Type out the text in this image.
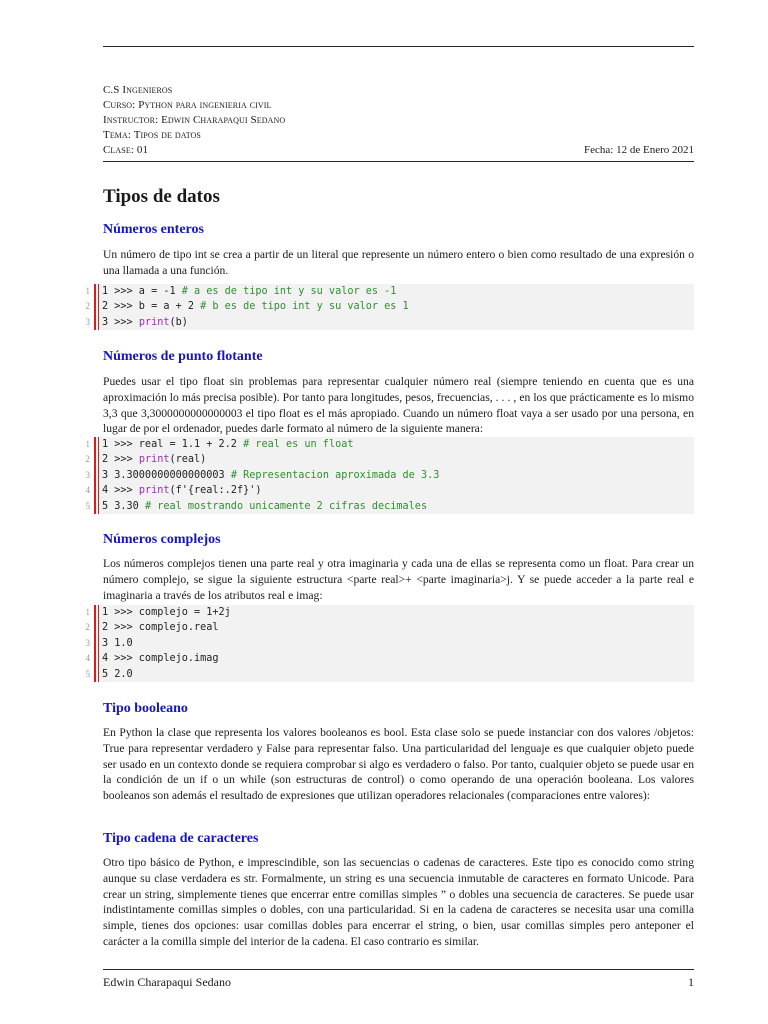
C.S Ingenieros
Curso: Python para ingenieria civil
Instructor: Edwin Charapaqui Sedano
Tema: Tipos de datos
Clase: 01	Fecha: 12 de Enero 2021
Tipos de datos
Números enteros

Un número de tipo int se crea a partir de un literal que represente un número entero o bien como resultado de una expresión o una llamada a una función.

1 1 >>> a = -1 # a es de tipo int y su valor es -1
2 2 >>> b = a + 2 # b es de tipo int y su valor es 1
3 3 >>> print(b)
Números de punto flotante

Puedes usar el tipo float sin problemas para representar cualquier número real (siempre teniendo en cuenta que es una aproximación lo más precisa posible). Por tanto para longitudes, pesos, frecuencias, . . . , en los que prácticamente es lo mismo 3,3 que 3,3000000000000003 el tipo float es el más apropiado. Cuando un número float vaya a ser usado por una persona, en lugar de por el ordenador, puedes darle formato al número de la siguiente manera:

1 1 >>> real = 1.1 + 2.2 # real es un float
2 2 >>> print(real)
3 3 3.3000000000000003 # Representacion aproximada de 3.3
4 4 >>> print(f'{real:.2f}')
5 5 3.30 # real mostrando unicamente 2 cifras decimales
Números complejos

Los números complejos tienen una parte real y otra imaginaria y cada una de ellas se representa como un float. Para crear un número complejo, se sigue la siguiente estructura <parte real>+ <parte imaginaria>j. Y se puede acceder a la parte real e imaginaria a través de los atributos real e imag:

1 1 >>> complejo = 1+2j
2 2 >>> complejo.real
3 3 1.0
4 4 >>> complejo.imag
5 5 2.0
Tipo booleano

En Python la clase que representa los valores booleanos es bool. Esta clase solo se puede instanciar con dos valores /objetos: True para representar verdadero y False para representar falso. Una particularidad del lenguaje es que cualquier objeto puede ser usado en un contexto donde se requiera comprobar si algo es verdadero o falso. Por tanto, cualquier objeto se puede usar en la condición de un if o un while (son estructuras de control) o como operando de una operación booleana. Los valores booleanos son además el resultado de expresiones que utilizan operadores relacionales (comparaciones entre valores):

Tipo cadena de caracteres

Otro tipo básico de Python, e imprescindible, son las secuencias o cadenas de caracteres. Este tipo es conocido como string aunque su clase verdadera es str. Formalmente, un string es una secuencia inmutable de caracteres en formato Unicode. Para crear un string, simplemente tienes que encerrar entre comillas simples ” o dobles una secuencia de caracteres. Se puede usar indistintamente comillas simples o dobles, con una particularidad. Si en la cadena de caracteres se necesita usar una comilla simple, tienes dos opciones: usar comillas dobles para encerrar el string, o bien, usar comillas simples pero anteponer el carácter a la comilla simple del interior de la cadena. El caso contrario es similar.

Edwin Charapaqui Sedano	1
